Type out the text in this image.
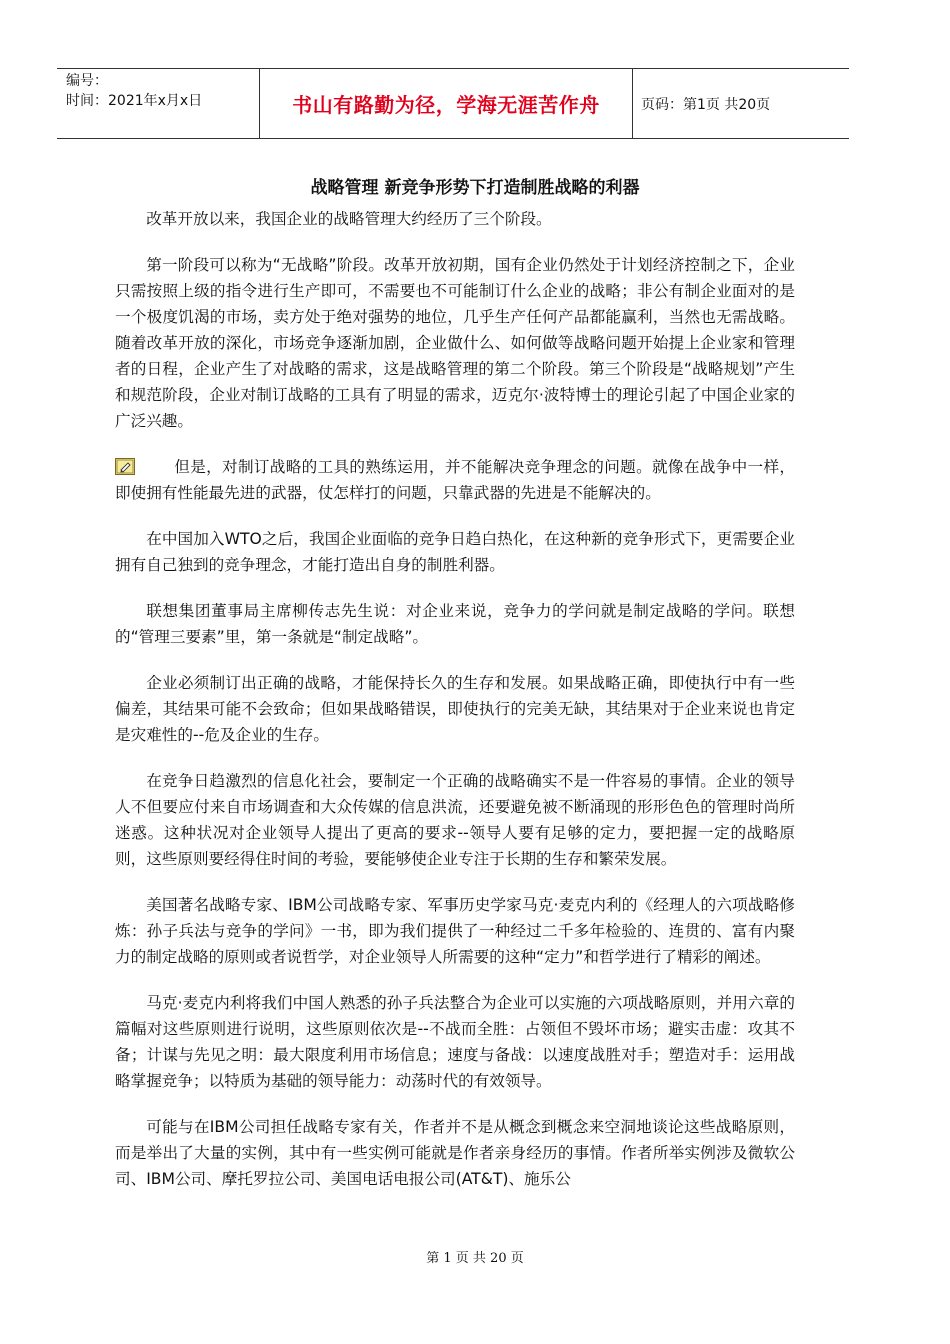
编号：
时间：2021年x月x日	书山有路勤为径，学海无涯苦作舟	页码：第1页 共20页
战略管理 新竞争形势下打造制胜战略的利器

改革开放以来，我国企业的战略管理大约经历了三个阶段。

第一阶段可以称为“无战略”阶段。改革开放初期，国有企业仍然处于计划经济控制之下，企业只需按照上级的指令进行生产即可，不需要也不可能制订什么企业的战略；非公有制企业面对的是一个极度饥渴的市场，卖方处于绝对强势的地位，几乎生产任何产品都能赢利，当然也无需战略。随着改革开放的深化，市场竞争逐渐加剧，企业做什么、如何做等战略问题开始提上企业家和管理者的日程，企业产生了对战略的需求，这是战略管理的第二个阶段。第三个阶段是“战略规划”产生和规范阶段，企业对制订战略的工具有了明显的需求，迈克尔·波特博士的理论引起了中国企业家的广泛兴趣。

但是，对制订战略的工具的熟练运用，并不能解决竞争理念的问题。就像在战争中一样，即使拥有性能最先进的武器，仗怎样打的问题，只靠武器的先进是不能解决的。

在中国加入WTO之后，我国企业面临的竞争日趋白热化，在这种新的竞争形式下，更需要企业拥有自己独到的竞争理念，才能打造出自身的制胜利器。

联想集团董事局主席柳传志先生说：对企业来说，竞争力的学问就是制定战略的学问。联想的“管理三要素”里，第一条就是“制定战略”。

企业必须制订出正确的战略，才能保持长久的生存和发展。如果战略正确，即使执行中有一些偏差，其结果可能不会致命；但如果战略错误，即使执行的完美无缺，其结果对于企业来说也肯定是灾难性的--危及企业的生存。

在竞争日趋激烈的信息化社会，要制定一个正确的战略确实不是一件容易的事情。企业的领导人不但要应付来自市场调查和大众传媒的信息洪流，还要避免被不断涌现的形形色色的管理时尚所迷惑。这种状况对企业领导人提出了更高的要求--领导人要有足够的定力，要把握一定的战略原则，这些原则要经得住时间的考验，要能够使企业专注于长期的生存和繁荣发展。

美国著名战略专家、IBM公司战略专家、军事历史学家马克·麦克内利的《经理人的六项战略修炼：孙子兵法与竞争的学问》一书，即为我们提供了一种经过二千多年检验的、连贯的、富有内聚力的制定战略的原则或者说哲学，对企业领导人所需要的这种“定力”和哲学进行了精彩的阐述。

马克·麦克内利将我们中国人熟悉的孙子兵法整合为企业可以实施的六项战略原则，并用六章的篇幅对这些原则进行说明，这些原则依次是--不战而全胜：占领但不毁坏市场；避实击虚：攻其不备；计谋与先见之明：最大限度利用市场信息；速度与备战：以速度战胜对手；塑造对手：运用战略掌握竞争；以特质为基础的领导能力：动荡时代的有效领导。

可能与在IBM公司担任战略专家有关，作者并不是从概念到概念来空洞地谈论这些战略原则，而是举出了大量的实例，其中有一些实例可能就是作者亲身经历的事情。作者所举实例涉及微软公司、IBM公司、摩托罗拉公司、美国电话电报公司(AT&T)、施乐公

第 1 页 共 20 页
